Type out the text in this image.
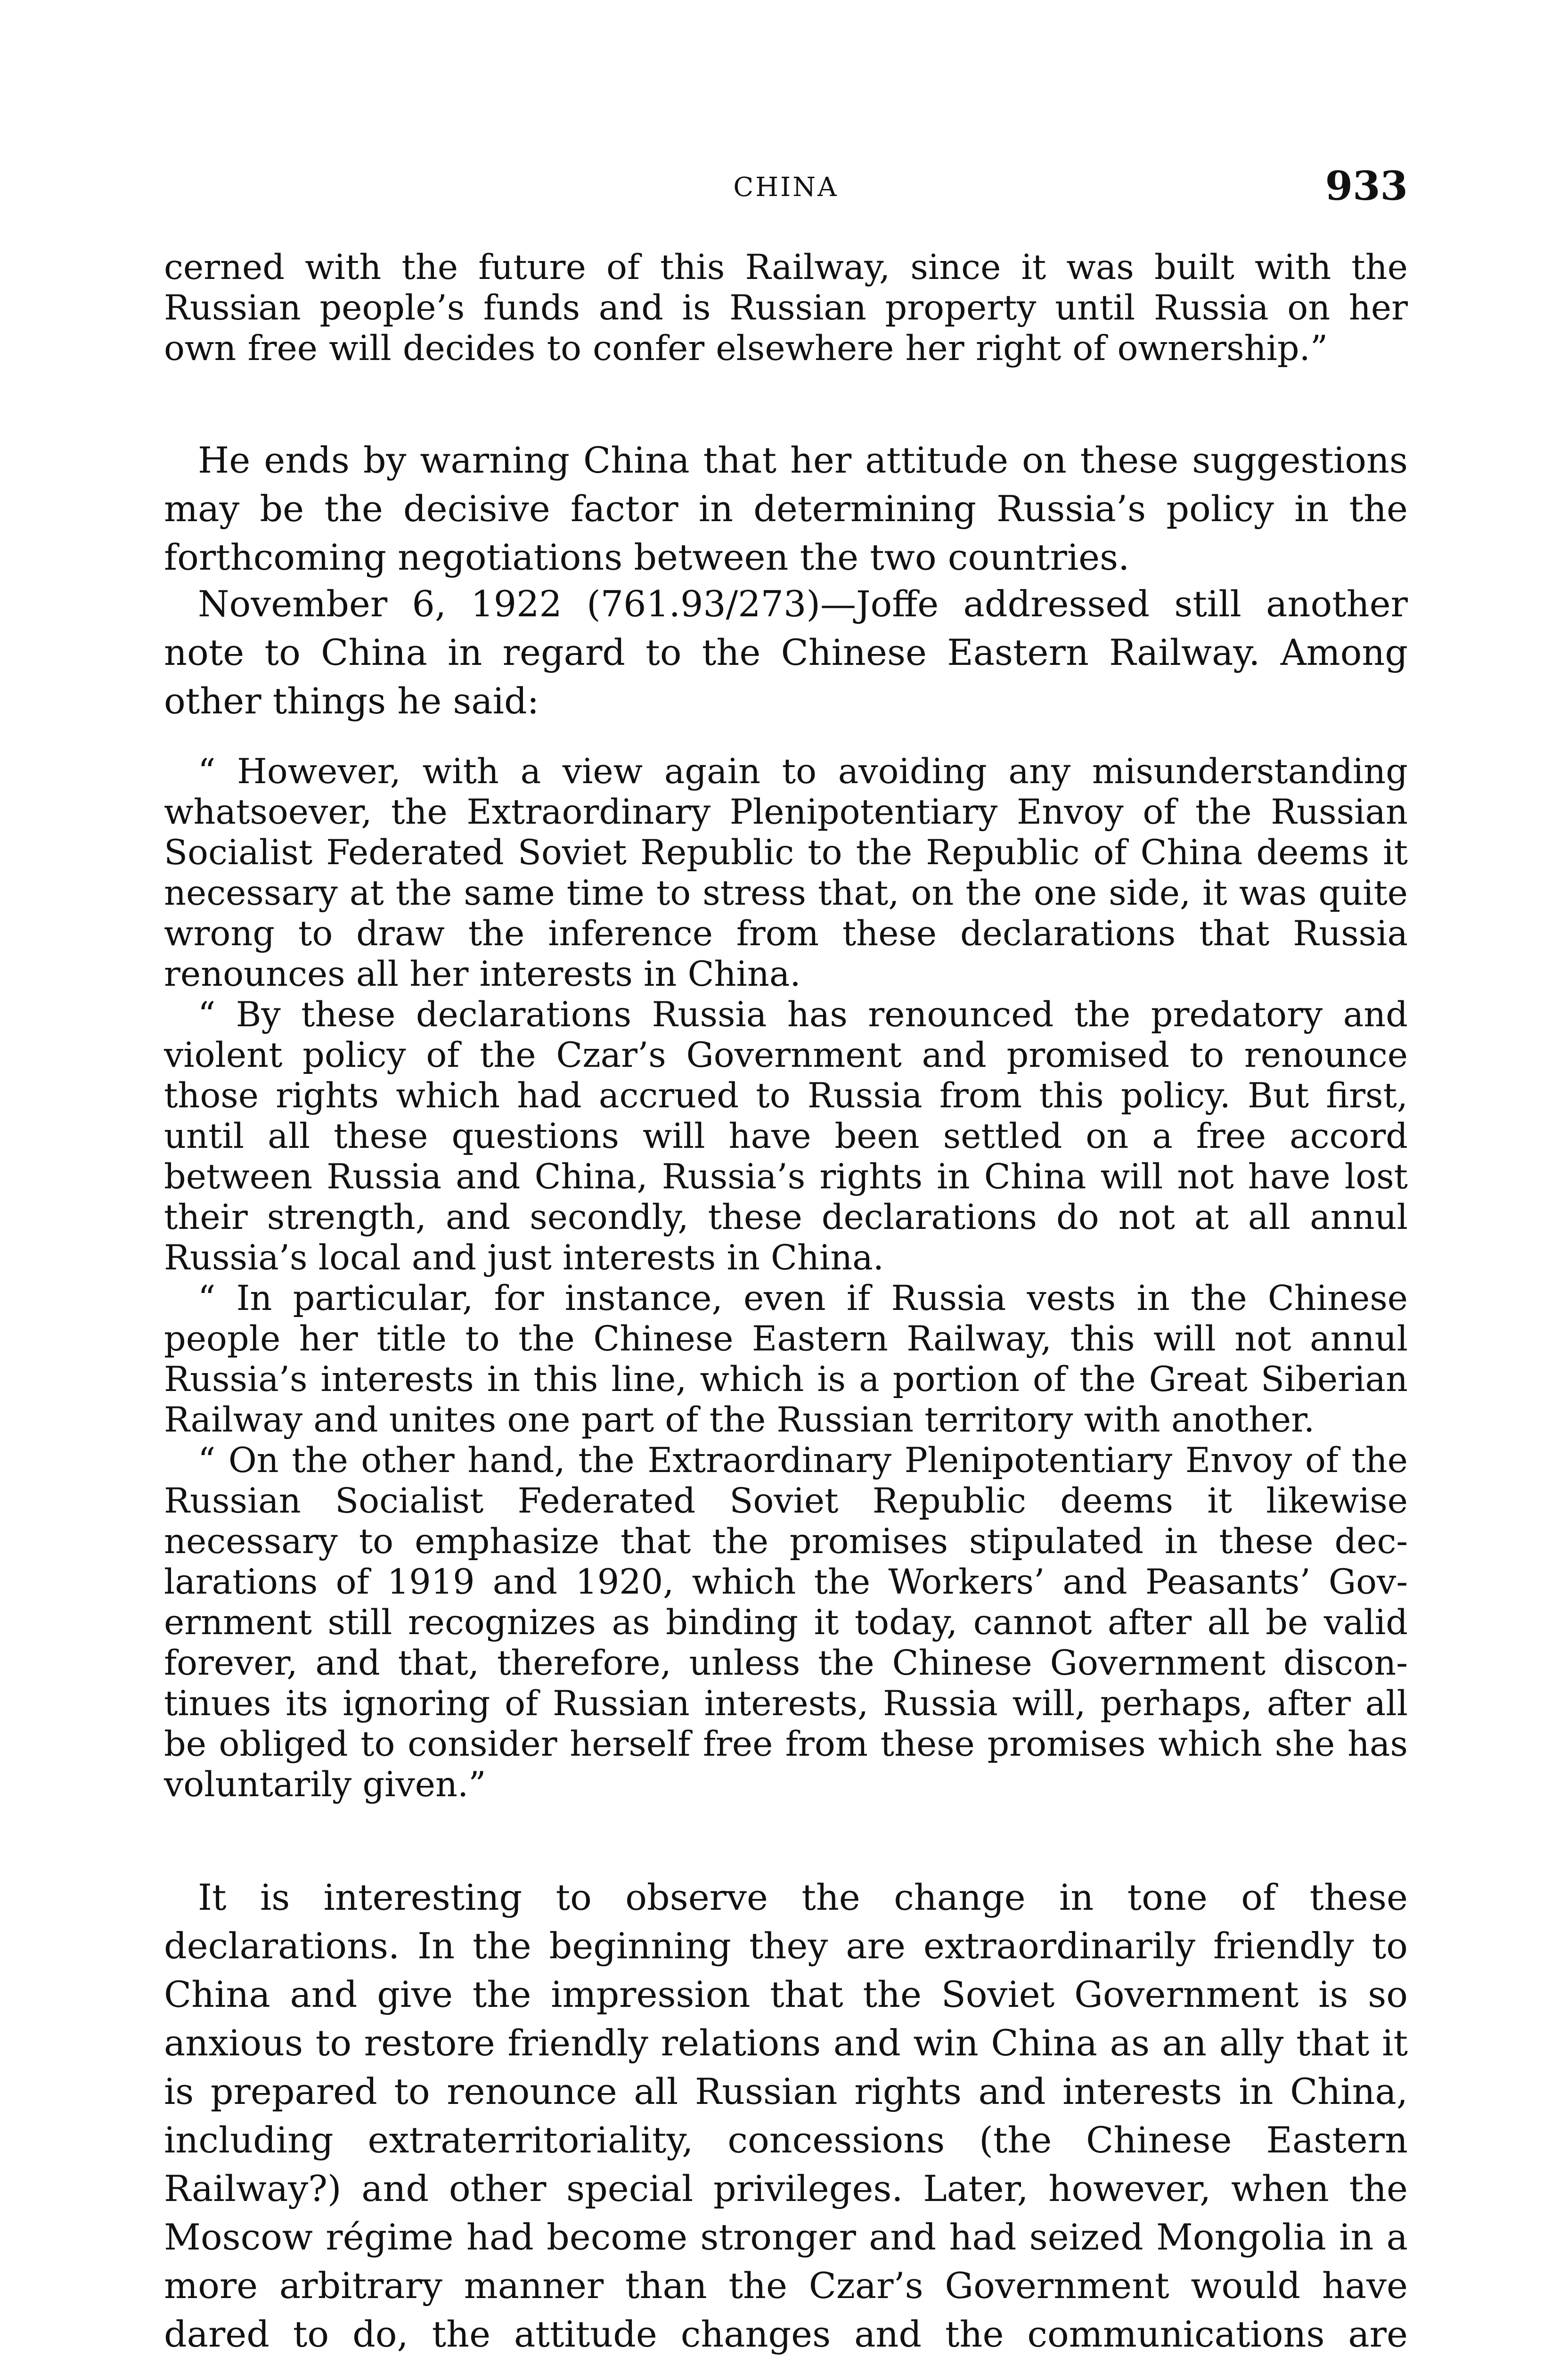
CHINA	933

cerned with the future of this Railway, since it was built with the Russian people’s funds and is Russian property until Russia on her own free will decides to confer elsewhere her right of ownership.”

He ends by warning China that her attitude on these suggestions may be the decisive factor in determining Russia’s policy in the forthcoming negotiations between the two countries.

November 6, 1922 (761.93/273)—Joffe addressed still another note to China in regard to the Chinese Eastern Railway. Among other things he said:

“ However, with a view again to avoiding any misunderstanding whatsoever, the Extraordinary Plenipotentiary Envoy of the Russian Socialist Federated Soviet Republic to the Republic of China deems it necessary at the same time to stress that, on the one side, it was quite wrong to draw the inference from these declarations that Russia renounces all her interests in China.

“ By these declarations Russia has renounced the predatory and violent policy of the Czar’s Government and promised to renounce those rights which had accrued to Russia from this policy. But first, until all these questions will have been settled on a free accord between Russia and China, Russia’s rights in China will not have lost their strength, and secondly, these declarations do not at all annul Russia’s local and just interests in China.

“ In particular, for instance, even if Russia vests in the Chinese people her title to the Chinese Eastern Railway, this will not annul Russia’s interests in this line, which is a portion of the Great Siberian Railway and unites one part of the Russian territory with another.

“ On the other hand, the Extraordinary Plenipotentiary Envoy of the Russian Socialist Federated Soviet Republic deems it likewise necessary to emphasize that the promises stipulated in these declarations of 1919 and 1920, which the Workers’ and Peasants’ Government still recognizes as binding it today, cannot after all be valid forever, and that, therefore, unless the Chinese Government discontinues its ignoring of Russian interests, Russia will, perhaps, after all be obliged to consider herself free from these promises which she has voluntarily given.”

It is interesting to observe the change in tone of these declarations. In the beginning they are extraordinarily friendly to China and give the impression that the Soviet Government is so anxious to restore friendly relations and win China as an ally that it is prepared to renounce all Russian rights and interests in China, including extraterritoriality, concessions (the Chinese Eastern Railway?) and other special privileges. Later, however, when the Moscow régime had become stronger and had seized Mongolia in a more arbitrary manner than the Czar’s Government would have dared to do, the attitude changes and the communications are
